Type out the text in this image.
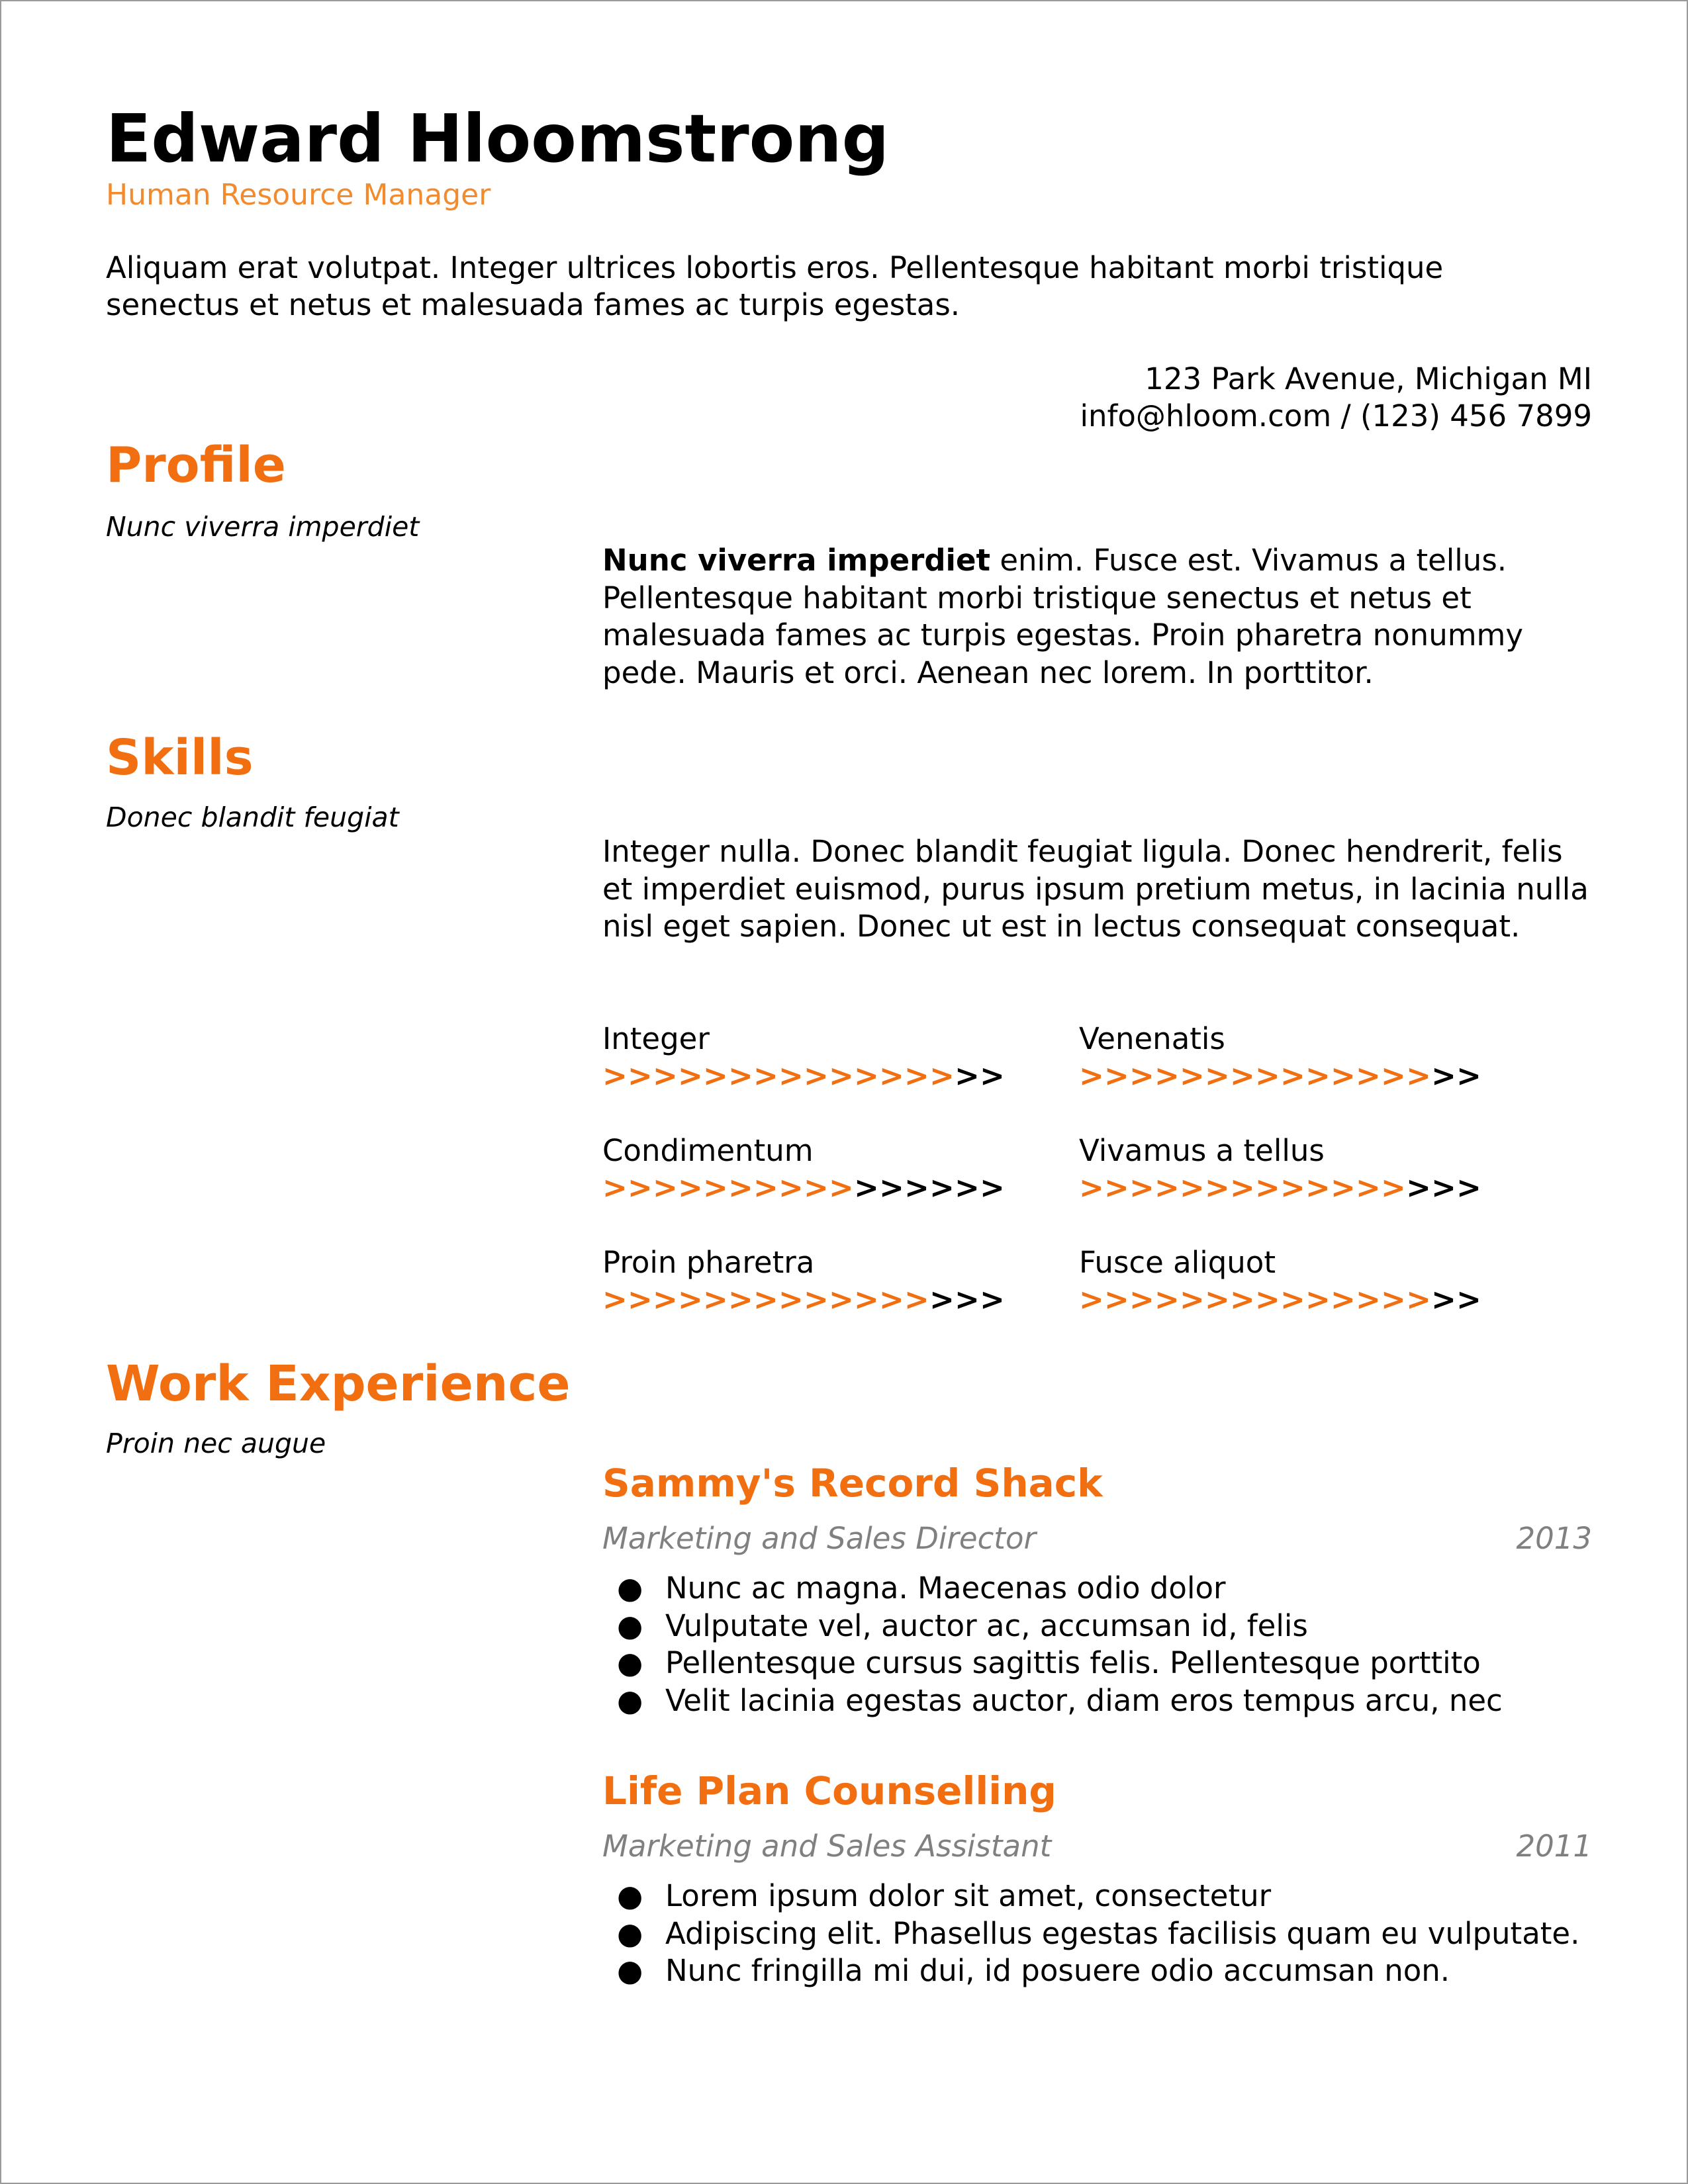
Edward Hloomstrong
Human Resource Manager
Aliquam erat volutpat. Integer ultrices lobortis eros. Pellentesque habitant morbi tristique senectus et netus et malesuada fames ac turpis egestas.
123 Park Avenue, Michigan MI
info@hloom.com / (123) 456 7899
Profile
Nunc viverra imperdiet
Nunc viverra imperdiet enim. Fusce est. Vivamus a tellus. Pellentesque habitant morbi tristique senectus et netus et malesuada fames ac turpis egestas. Proin pharetra nonummy pede. Mauris et orci. Aenean nec lorem. In porttitor.
Skills
Donec blandit feugiat
Integer nulla. Donec blandit feugiat ligula. Donec hendrerit, felis et imperdiet euismod, purus ipsum pretium metus, in lacinia nulla nisl eget sapien. Donec ut est in lectus consequat consequat.
Integer
>>>>>>>>>>>>>>>>
Venenatis
>>>>>>>>>>>>>>>>
Condimentum
>>>>>>>>>>>>>>>>
Vivamus a tellus
>>>>>>>>>>>>>>>>
Proin pharetra
>>>>>>>>>>>>>>>>
Fusce aliquot
>>>>>>>>>>>>>>>>
Work Experience
Proin nec augue
Sammy's Record Shack
Marketing and Sales Director	2013
● Nunc ac magna. Maecenas odio dolor
● Vulputate vel, auctor ac, accumsan id, felis
● Pellentesque cursus sagittis felis. Pellentesque porttito
● Velit lacinia egestas auctor, diam eros tempus arcu, nec
Life Plan Counselling
Marketing and Sales Assistant	2011
● Lorem ipsum dolor sit amet, consectetur
● Adipiscing elit. Phasellus egestas facilisis quam eu vulputate.
● Nunc fringilla mi dui, id posuere odio accumsan non.
